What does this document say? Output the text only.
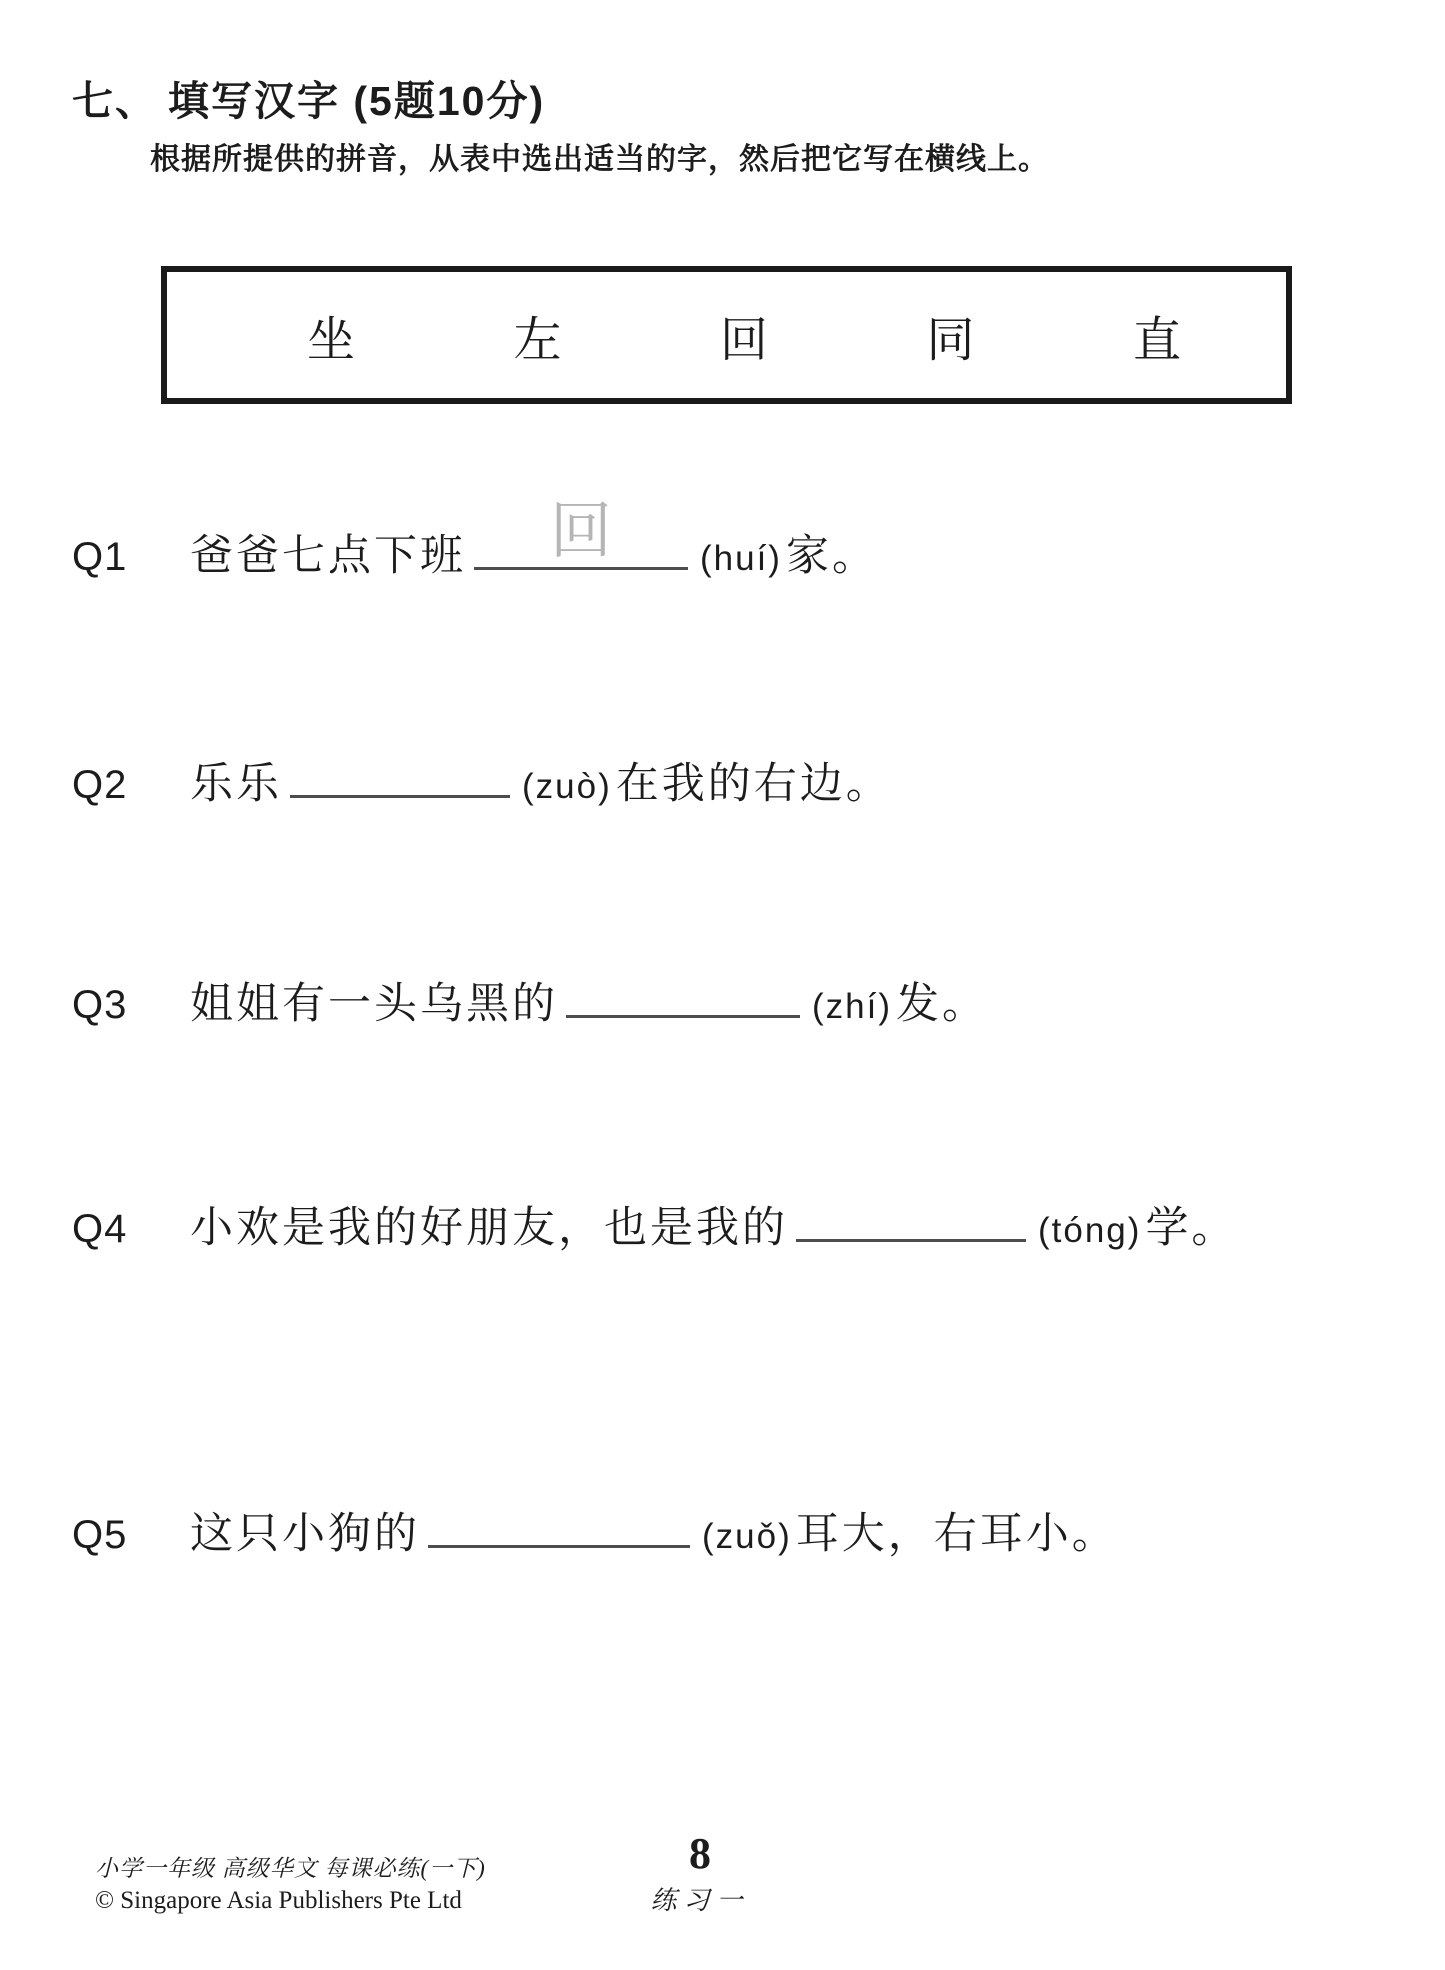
七、 填写汉字 (5题10分)
根据所提供的拼音，从表中选出适当的字，然后把它写在横线上。
坐	左	回	同	直
Q1	爸爸七点下班 回	(huí)家。
Q2	乐乐	(zuò)在我的右边。
Q3	姐姐有一头乌黑的	(zhí)发。
Q4	小欢是我的好朋友，也是我的	(tóng)学。
Q5	这只小狗的	(zuǒ)耳大，右耳小。
小学一年级 高级华文 每课必练(一下)
© Singapore Asia Publishers Pte Ltd
8
练习一
